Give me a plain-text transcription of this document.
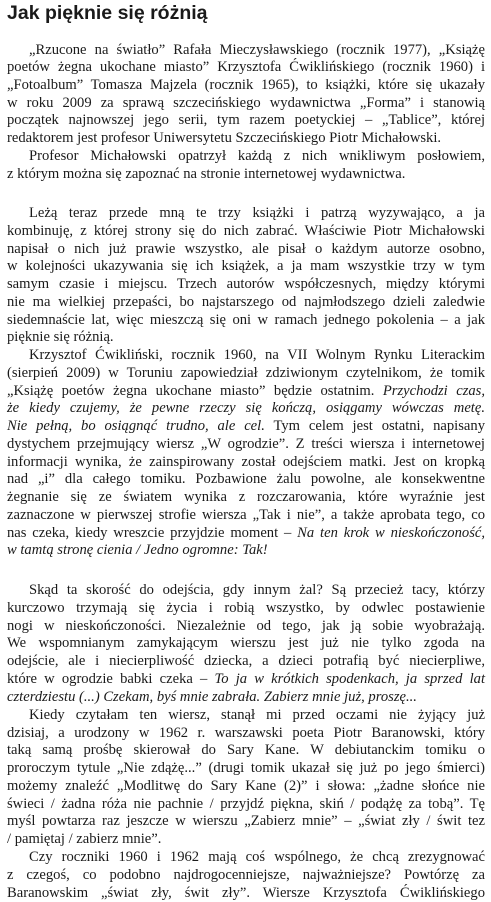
Jak pięknie się różnią
„Rzucone na światło” Rafała Mieczysławskiego (rocznik 1977), „Książę
poetów żegna ukochane miasto” Krzysztofa Ćwiklińskiego (rocznik 1960) i
„Fotoalbum” Tomasza Majzela (rocznik 1965), to książki, które się ukazały
w roku 2009 za sprawą szczecińskiego wydawnictwa „Forma” i stanowią
początek najnowszej jego serii, tym razem poetyckiej – „Tablice”, której
redaktorem jest profesor Uniwersytetu Szczecińskiego Piotr Michałowski.
Profesor Michałowski opatrzył każdą z nich wnikliwym posłowiem,
z którym można się zapoznać na stronie internetowej wydawnictwa.
Leżą teraz przede mną te trzy książki i patrzą wyzywająco, a ja
kombinuję, z której strony się do nich zabrać. Właściwie Piotr Michałowski
napisał o nich już prawie wszystko, ale pisał o każdym autorze osobno,
w kolejności ukazywania się ich książek, a ja mam wszystkie trzy w tym
samym czasie i miejscu. Trzech autorów współczesnych, między którymi
nie ma wielkiej przepaści, bo najstarszego od najmłodszego dzieli zaledwie
siedemnaście lat, więc mieszczą się oni w ramach jednego pokolenia – a jak
pięknie się różnią.
Krzysztof Ćwikliński, rocznik 1960, na VII Wolnym Rynku Literackim
(sierpień 2009) w Toruniu zapowiedział zdziwionym czytelnikom, że tomik
„Książę poetów żegna ukochane miasto” będzie ostatnim. Przychodzi czas,
że kiedy czujemy, że pewne rzeczy się kończą, osiągamy wówczas metę.
Nie pełną, bo osiągnąć trudno, ale cel. Tym celem jest ostatni, napisany
dystychem przejmujący wiersz „W ogrodzie”. Z treści wiersza i internetowej
informacji wynika, że zainspirowany został odejściem matki. Jest on kropką
nad „i” dla całego tomiku. Pozbawione żalu powolne, ale konsekwentne
żegnanie się ze światem wynika z rozczarowania, które wyraźnie jest
zaznaczone w pierwszej strofie wiersza „Tak i nie”, a także aprobata tego, co
nas czeka, kiedy wreszcie przyjdzie moment – Na ten krok w nieskończoność,
w tamtą stronę cienia / Jedno ogromne: Tak!
Skąd ta skorość do odejścia, gdy innym żal? Są przecież tacy, którzy
kurczowo trzymają się życia i robią wszystko, by odwlec postawienie
nogi w nieskończoności. Niezależnie od tego, jak ją sobie wyobrażają.
We wspomnianym zamykającym wierszu jest już nie tylko zgoda na
odejście, ale i niecierpliwość dziecka, a dzieci potrafią być niecierpliwe,
które w ogrodzie babki czeka – To ja w krótkich spodenkach, ja sprzed lat
czterdziestu (...) Czekam, byś mnie zabrała. Zabierz mnie już, proszę...
Kiedy czytałam ten wiersz, stanął mi przed oczami nie żyjący już
dzisiaj, a urodzony w 1962 r. warszawski poeta Piotr Baranowski, który
taką samą prośbę skierował do Sary Kane. W debiutanckim tomiku o
proroczym tytule „Nie zdążę...” (drugi tomik ukazał się już po jego śmierci)
możemy znaleźć „Modlitwę do Sary Kane (2)” i słowa: „żadne słońce nie
świeci / żadna róża nie pachnie / przyjdź piękna, skiń / podążę za tobą”. Tę
myśl powtarza raz jeszcze w wierszu „Zabierz mnie” – „świat zły / świt tez
/ pamiętaj / zabierz mnie”.
Czy roczniki 1960 i 1962 mają coś wspólnego, że chcą zrezygnować
z czegoś, co podobno najdrogocenniejsze, najważniejsze? Powtórzę za
Baranowskim „świat zły, świt zły”. Wiersze Krzysztofa Ćwiklińskiego
